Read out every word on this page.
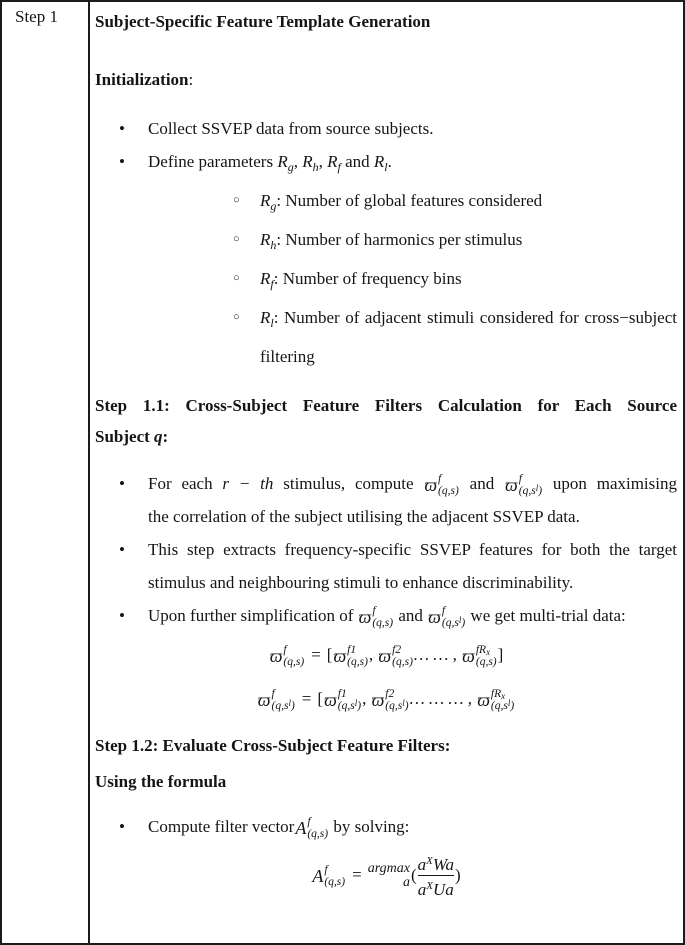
Step 1	Subject-Specific Feature Template Generation

Initialization:

•	Collect SSVEP data from source subjects.
•	Define parameters $R_g$, $R_h$, $R_f$ and $R_l$.
○	$R_g$: Number of global features considered
○	$R_h$: Number of harmonics per stimulus
○	$R_f$: Number of frequency bins
○	$R_l$: Number of adjacent stimuli considered for cross−subject
filtering

Step 1.1: Cross-Subject Feature Filters Calculation for Each Source
Subject q:

•	For each r − th stimulus, compute ϖ f
(q,s) and ϖ f
$(q,s^l)$ upon maximising
the correlation of the subject utilising the adjacent SSVEP data.
•	This step extracts frequency-specific SSVEP features for both the target
stimulus and neighbouring stimuli to enhance discriminability.
•	Upon further simplification of ϖ f
(q,s) and ϖ f
$(q,s^l)$ we get multi-trial data:
ϖ f
(q,s) = [ ϖ f1
(q,s) , ϖ f2
(q,s) … … , ϖ fRx
(q,s) ]
ϖ f
$(q,s^l)$ = [ ϖ f1
$(q,s^l)$ , ϖ f2
$(q,s^l)$ … … … , ϖ fRx
$(q,s^l)$

Step 1.2: Evaluate Cross-Subject Feature Filters:

Using the formula

•	Compute filter vector A f
(q,s) by solving:
A f
(q,s) = argmax
a ( $\frac{a^XWa}{a^XUa}$ )
